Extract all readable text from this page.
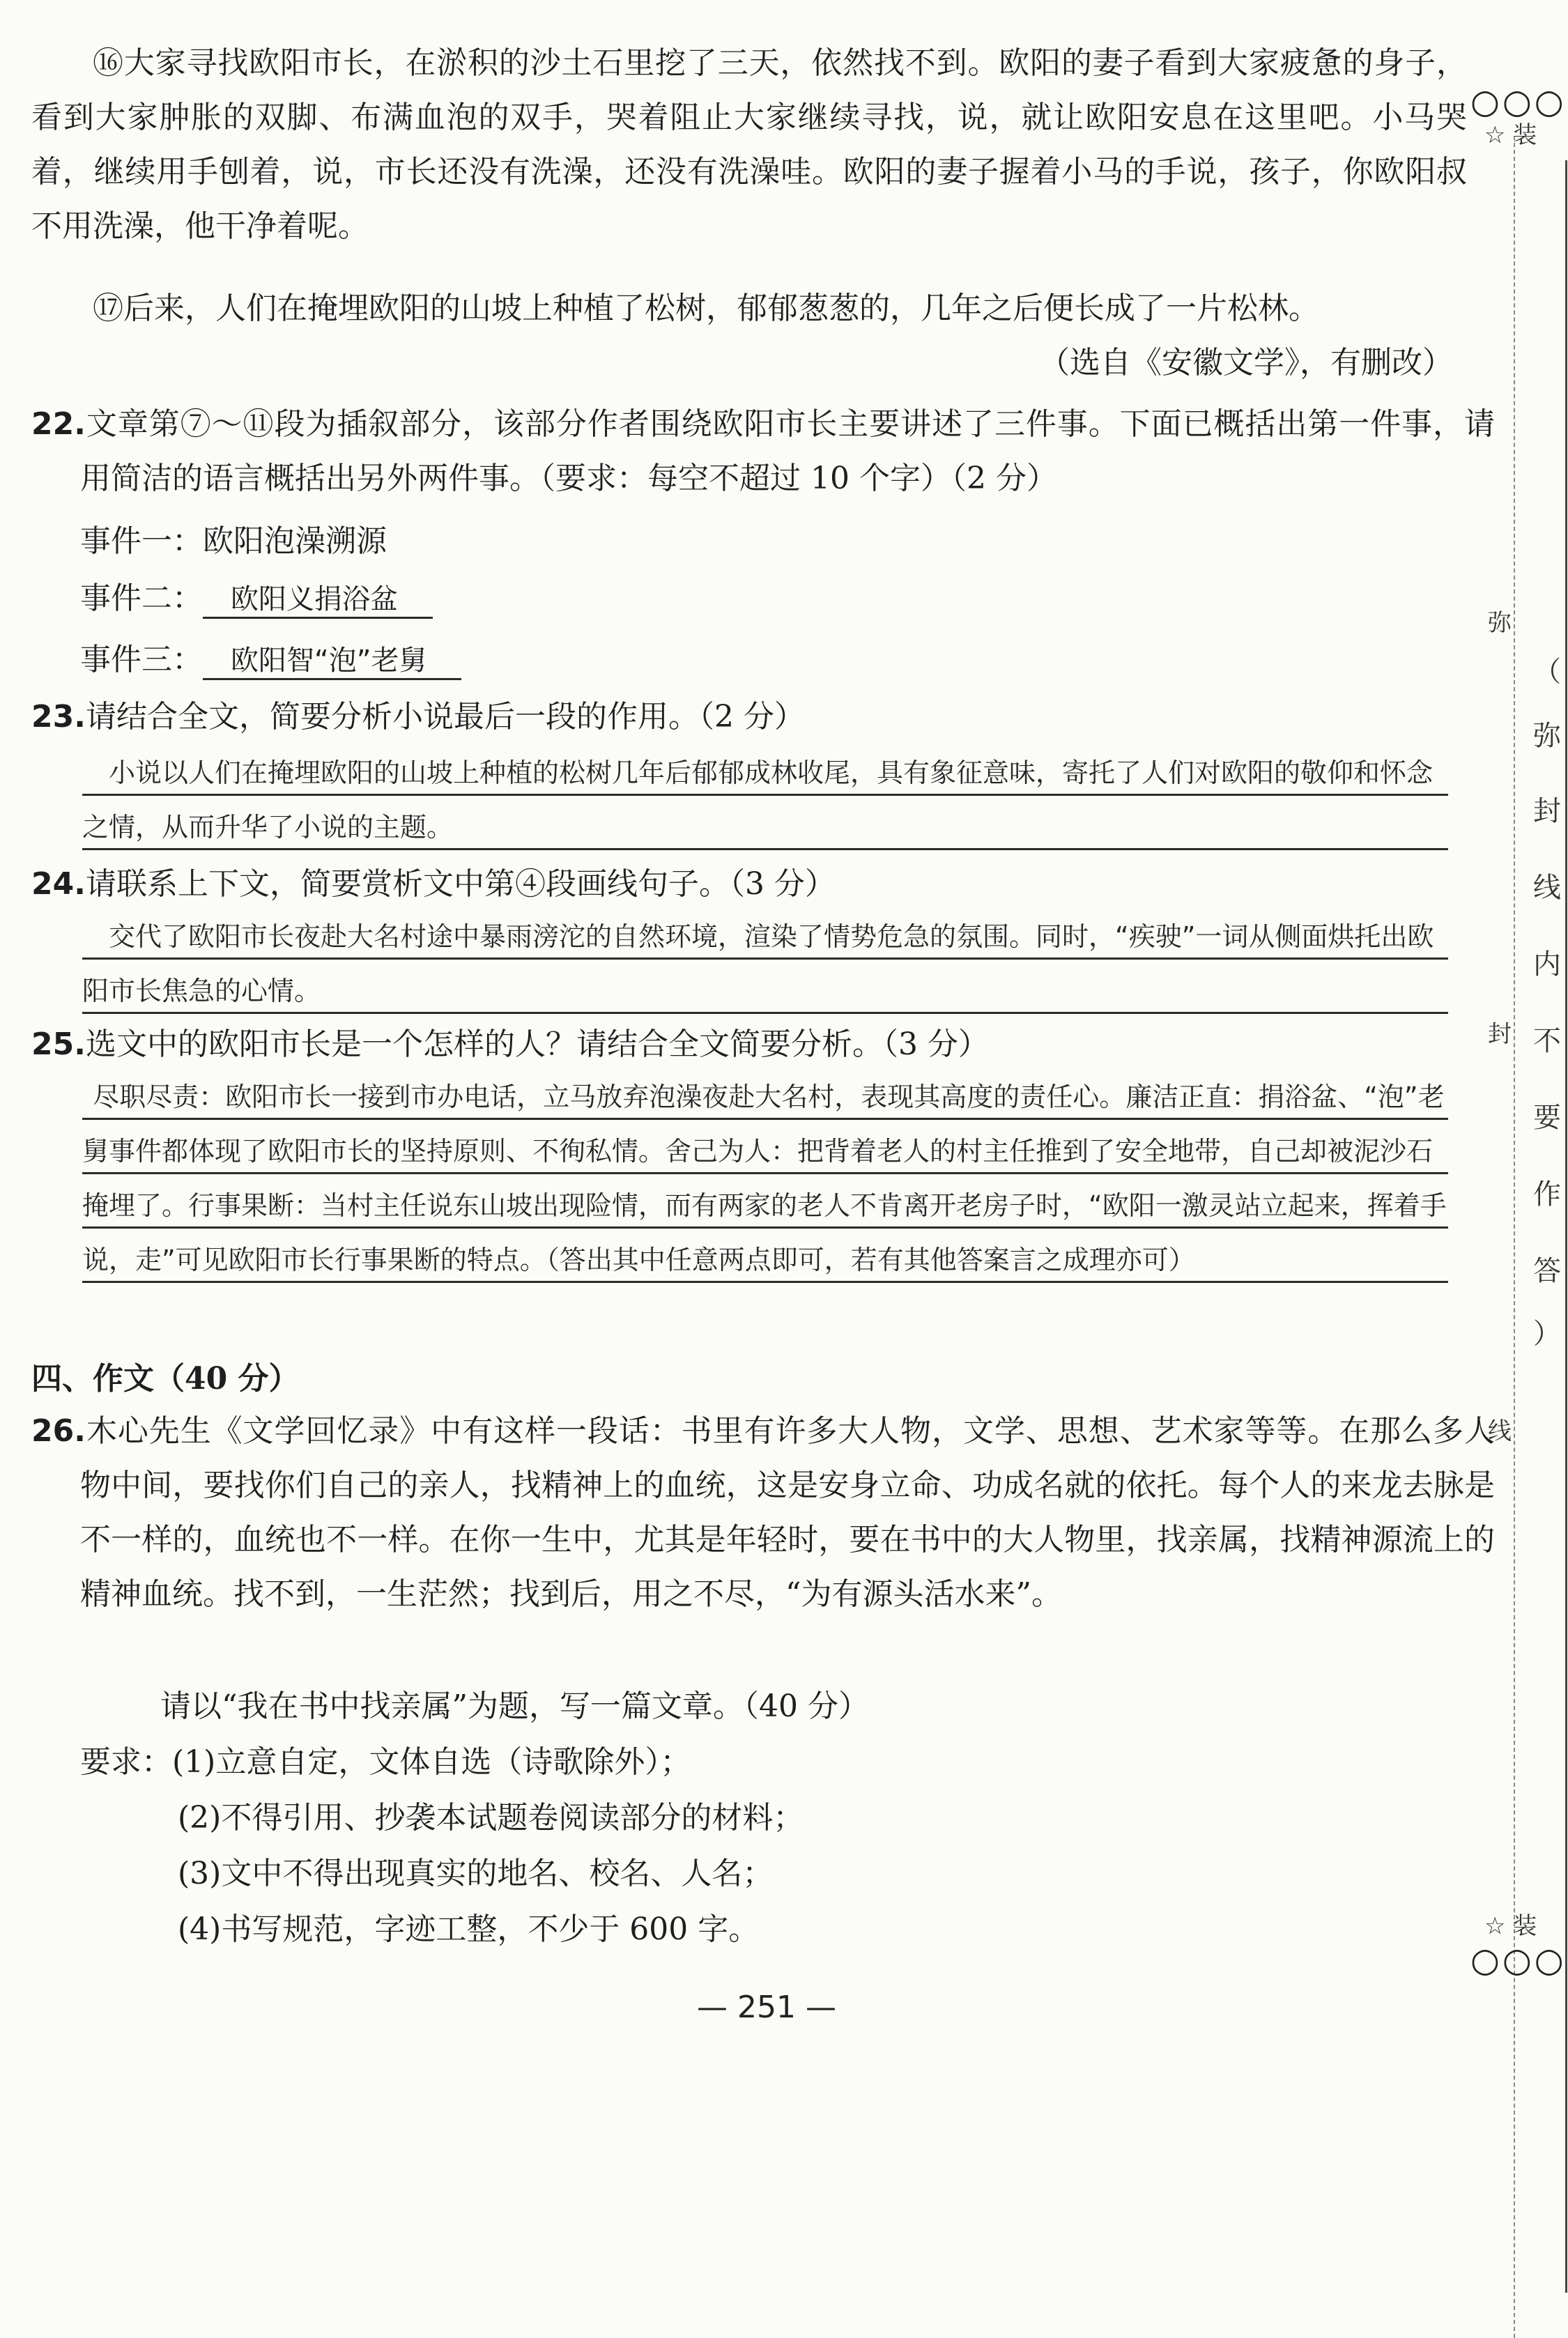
⑯大家寻找欧阳市长，在淤积的沙土石里挖了三天，依然找不到。欧阳的妻子看到大家疲惫的身子，看到大家肿胀的双脚、布满血泡的双手，哭着阻止大家继续寻找，说，就让欧阳安息在这里吧。小马哭着，继续用手刨着，说，市长还没有洗澡，还没有洗澡哇。欧阳的妻子握着小马的手说，孩子，你欧阳叔不用洗澡，他干净着呢。
⑰后来，人们在掩埋欧阳的山坡上种植了松树，郁郁葱葱的，几年之后便长成了一片松林。
（选自《安徽文学》，有删改）
22.文章第⑦～⑪段为插叙部分，该部分作者围绕欧阳市长主要讲述了三件事。下面已概括出第一件事，请用简洁的语言概括出另外两件事。（要求：每空不超过 10 个字）（2 分）
事件一：欧阳泡澡溯源
事件二： 欧阳义捐浴盆
事件三： 欧阳智“泡”老舅
23.请结合全文，简要分析小说最后一段的作用。（2 分）
小说以人们在掩埋欧阳的山坡上种植的松树几年后郁郁成林收尾，具有象征意味，寄托了人们对欧阳的敬仰和怀念之情，从而升华了小说的主题。
24.请联系上下文，简要赏析文中第④段画线句子。（3 分）
交代了欧阳市长夜赴大名村途中暴雨滂沱的自然环境，渲染了情势危急的氛围。同时，“疾驶”一词从侧面烘托出欧阳市长焦急的心情。
25.选文中的欧阳市长是一个怎样的人？请结合全文简要分析。（3 分）
尽职尽责：欧阳市长一接到市办电话，立马放弃泡澡夜赴大名村，表现其高度的责任心。廉洁正直：捐浴盆、“泡”老舅事件都体现了欧阳市长的坚持原则、不徇私情。舍己为人：把背着老人的村主任推到了安全地带，自己却被泥沙石掩埋了。行事果断：当村主任说东山坡出现险情，而有两家的老人不肯离开老房子时，“欧阳一激灵站立起来，挥着手说，走”可见欧阳市长行事果断的特点。（答出其中任意两点即可，若有其他答案言之成理亦可）
四、作文（40 分）
26.木心先生《文学回忆录》中有这样一段话：书里有许多大人物，文学、思想、艺术家等等。在那么多人物中间，要找你们自己的亲人，找精神上的血统，这是安身立命、功成名就的依托。每个人的来龙去脉是不一样的，血统也不一样。在你一生中，尤其是年轻时，要在书中的大人物里，找亲属，找精神源流上的精神血统。找不到，一生茫然；找到后，用之不尽，“为有源头活水来”。
请以“我在书中找亲属”为题，写一篇文章。（40 分）
要求：(1)立意自定，文体自选（诗歌除外）；
(2)不得引用、抄袭本试题卷阅读部分的材料；
(3)文中不得出现真实的地名、校名、人名；
(4)书写规范，字迹工整，不少于 600 字。
— 251 —
○○○
☆ 装
弥
封
线
☆ 装
○○○
（
弥
封
线
内
不
要
作
答
）
